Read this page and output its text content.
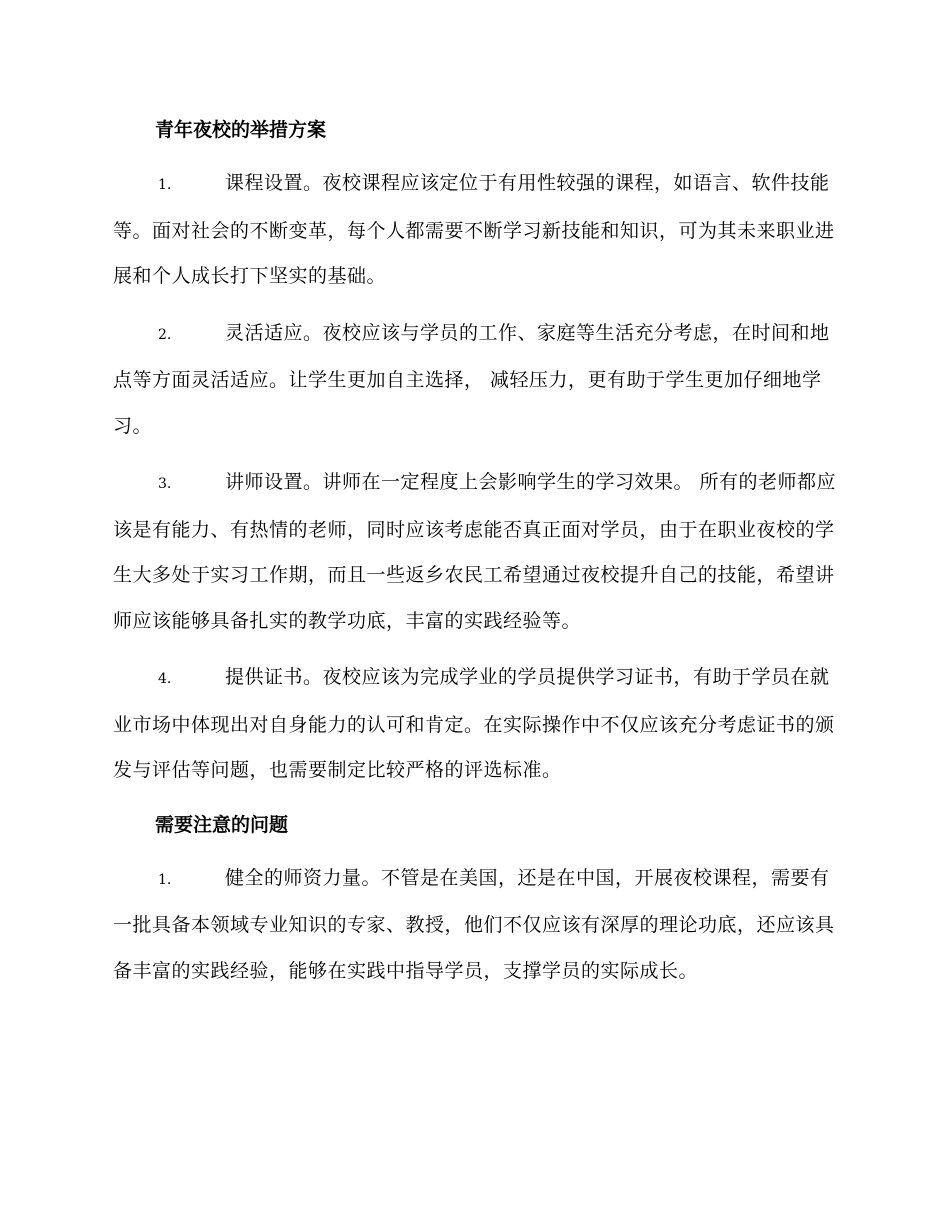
青年夜校的举措方案

1.	课程设置。夜校课程应该定位于有用性较强的课程，如语言、软件技能等。面对社会的不断变革，每个人都需要不断学习新技能和知识，可为其未来职业进展和个人成长打下坚实的基础。

2.	灵活适应。夜校应该与学员的工作、家庭等生活充分考虑，在时间和地点等方面灵活适应。让学生更加自主选择， 减轻压力，更有助于学生更加仔细地学习。

3.	讲师设置。讲师在一定程度上会影响学生的学习效果。 所有的老师都应该是有能力、有热情的老师，同时应该考虑能否真正面对学员，由于在职业夜校的学生大多处于实习工作期，而且一些返乡农民工希望通过夜校提升自己的技能，希望讲师应该能够具备扎实的教学功底，丰富的实践经验等。

4.	提供证书。夜校应该为完成学业的学员提供学习证书，有助于学员在就业市场中体现出对自身能力的认可和肯定。在实际操作中不仅应该充分考虑证书的颁发与评估等问题，也需要制定比较严格的评选标准。

需要注意的问题

1.	健全的师资力量。不管是在美国，还是在中国，开展夜校课程，需要有一批具备本领域专业知识的专家、教授，他们不仅应该有深厚的理论功底，还应该具备丰富的实践经验，能够在实践中指导学员，支撑学员的实际成长。
